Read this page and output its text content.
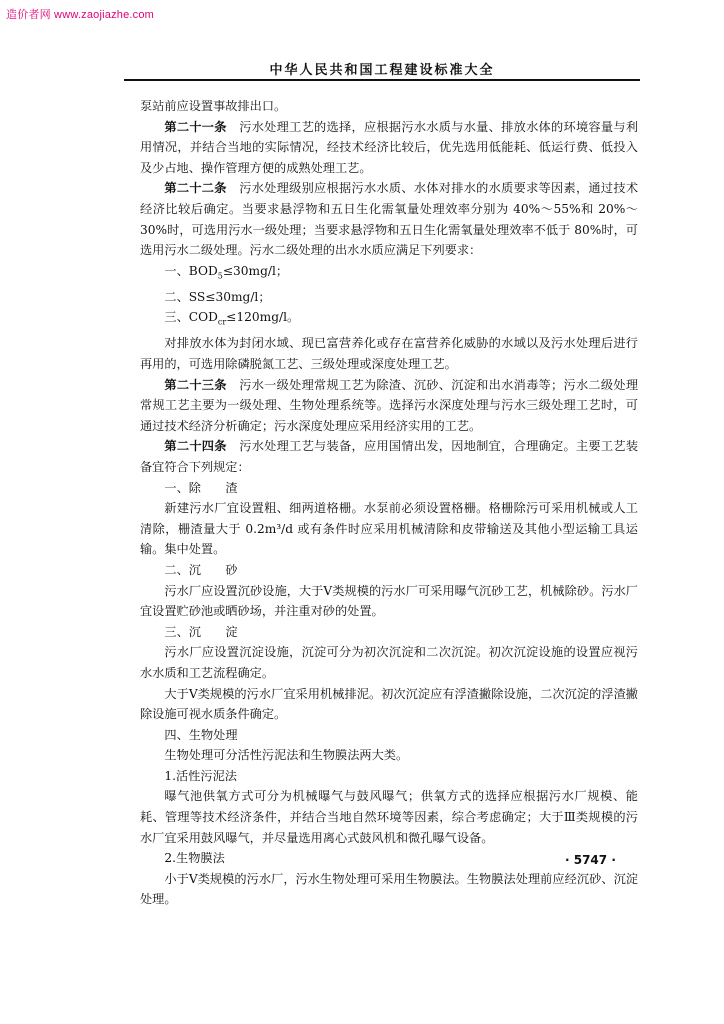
造价者网 www.zaojiazhe.com
中华人民共和国工程建设标准大全

泵站前应设置事故排出口。

第二十一条　 污水处理工艺的选择，应根据污水水质与水量、排放水体的环境容量与利用情况，并结合当地的实际情况，经技术经济比较后，优先选用低能耗、低运行费、低投入及少占地、操作管理方便的成熟处理工艺。

第二十二条　 污水处理级别应根据污水水质、水体对排水的水质要求等因素，通过技术经济比较后确定。当要求悬浮物和五日生化需氧量处理效率分别为 40%～55%和 20%～30%时，可选用污水一级处理；当要求悬浮物和五日生化需氧量处理效率不低于 80%时，可选用污水二级处理。污水二级处理的出水水质应满足下列要求：

一、$BOD_5\le 30mg/l$；

二、SS≤30mg/l；

三、$COD_{cr}\le 120mg/l$。

对排放水体为封闭水域、现已富营养化或存在富营养化威胁的水域以及污水处理后进行再用的，可选用除磷脱氮工艺、三级处理或深度处理工艺。

第二十三条　 污水一级处理常规工艺为除渣、沉砂、沉淀和出水消毒等；污水二级处理常规工艺主要为一级处理、生物处理系统等。选择污水深度处理与污水三级处理工艺时，可通过技术经济分析确定；污水深度处理应采用经济实用的工艺。

第二十四条　 污水处理工艺与装备，应用国情出发，因地制宜，合理确定。主要工艺装备宜符合下列规定：

一、除　　渣

新建污水厂宜设置粗、细两道格栅。水泵前必须设置格栅。格栅除污可采用机械或人工清除，栅渣量大于 0.2m³/d 或有条件时应采用机械清除和皮带输送及其他小型运输工具运输。集中处置。

二、沉　　砂

污水厂应设置沉砂设施，大于Ⅴ类规模的污水厂可采用曝气沉砂工艺，机械除砂。污水厂宜设置贮砂池或晒砂场，并注重对砂的处置。

三、沉　　淀

污水厂应设置沉淀设施，沉淀可分为初次沉淀和二次沉淀。初次沉淀设施的设置应视污水水质和工艺流程确定。

大于Ⅴ类规模的污水厂宜采用机械排泥。初次沉淀应有浮渣撇除设施，二次沉淀的浮渣撇除设施可视水质条件确定。

四、生物处理

生物处理可分活性污泥法和生物膜法两大类。

1.活性污泥法

曝气池供氧方式可分为机械曝气与鼓风曝气；供氧方式的选择应根据污水厂规模、能耗、管理等技术经济条件，并结合当地自然环境等因素，综合考虑确定；大于Ⅲ类规模的污水厂宜采用鼓风曝气，并尽量选用离心式鼓风机和微孔曝气设备。

2.生物膜法

小于Ⅴ类规模的污水厂，污水生物处理可采用生物膜法。生物膜法处理前应经沉砂、沉淀处理。

· 5747 ·
